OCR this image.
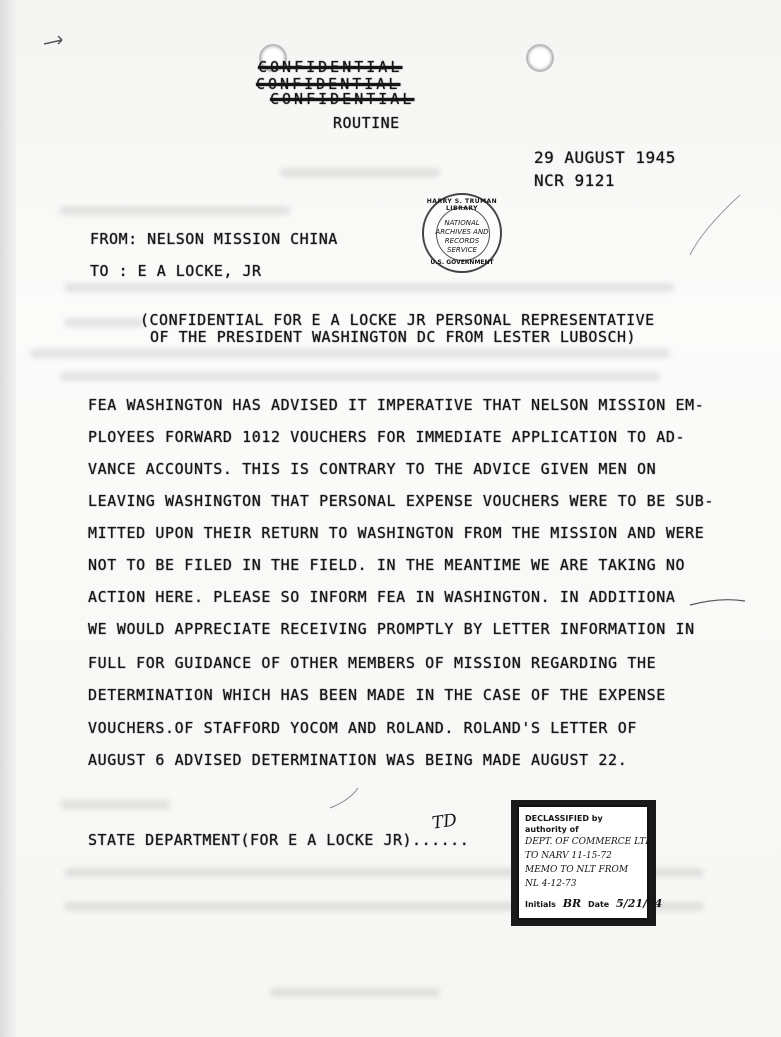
CONFIDENTIAL
CONFIDENTIAL
CONFIDENTIAL
ROUTINE
29 AUGUST 1945
NCR 9121
HARRY S. TRUMAN LIBRARY
NATIONAL
ARCHIVES AND
RECORDS
SERVICE
U.S. GOVERNMENT
FROM: NELSON MISSION CHINA
TO : E A LOCKE, JR
(CONFIDENTIAL FOR E A LOCKE JR PERSONAL REPRESENTATIVE
OF THE PRESIDENT WASHINGTON DC FROM LESTER LUBOSCH)
FEA WASHINGTON HAS ADVISED IT IMPERATIVE THAT NELSON MISSION EM-
PLOYEES FORWARD 1012 VOUCHERS FOR IMMEDIATE APPLICATION TO AD-
VANCE ACCOUNTS. THIS IS CONTRARY TO THE ADVICE GIVEN MEN ON
LEAVING WASHINGTON THAT PERSONAL EXPENSE VOUCHERS WERE TO BE SUB-
MITTED UPON THEIR RETURN TO WASHINGTON FROM THE MISSION AND WERE
NOT TO BE FILED IN THE FIELD. IN THE MEANTIME WE ARE TAKING NO
ACTION HERE. PLEASE SO INFORM FEA IN WASHINGTON. IN ADDITIONA
WE WOULD APPRECIATE RECEIVING PROMPTLY BY LETTER INFORMATION IN
FULL FOR GUIDANCE OF OTHER MEMBERS OF MISSION REGARDING THE
DETERMINATION WHICH HAS BEEN MADE IN THE CASE OF THE EXPENSE
VOUCHERS.OF STAFFORD YOCOM AND ROLAND. ROLAND'S LETTER OF
AUGUST 6 ADVISED DETERMINATION WAS BEING MADE AUGUST 22.
STATE DEPARTMENT(FOR E A LOCKE JR)......
TD	DECLASSIFIED by authority of
DEPT. OF COMMERCE LTR.
TO NARV 11-15-72
MEMO TO NLT FROM
NL 4-12-73
Initials BR Date 5/21/74
